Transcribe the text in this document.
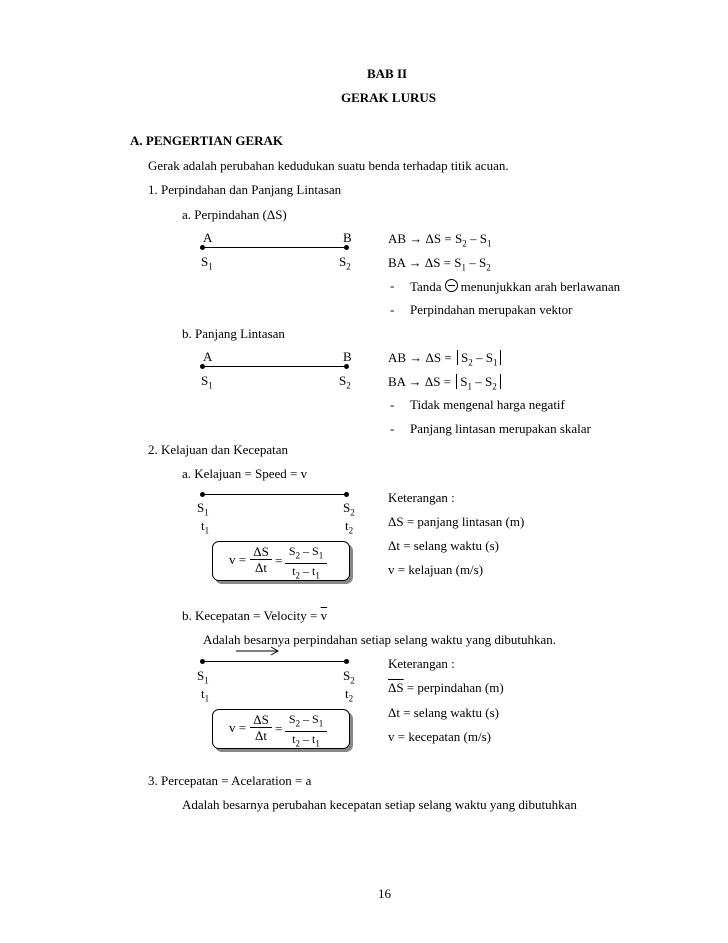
BAB II
GERAK LURUS
A. PENGERTIAN GERAK
Gerak adalah perubahan kedudukan suatu benda terhadap titik acuan.
1. Perpindahan dan Panjang Lintasan
a. Perpindahan (ΔS)
A	B
$S_1$	$S_2$
AB → $\Delta S = S_2 - S_1$
BA → $\Delta S = S_1 - S_2$
- Tanda menunjukkan arah berlawanan
- Perpindahan merupakan vektor
b. Panjang Lintasan
A	B
$S_1$	$S_2$
AB → $\Delta S = S_2 - S_1$
BA → $\Delta S = S_1 - S_2$
- Tidak mengenal harga negatif
- Panjang lintasan merupakan skalar
2. Kelajuan dan Kecepatan
a. Kelajuan = Speed = v
$S_1$	$S_2$
$t_1$	$t_2$
$v = \frac{\Delta S}{\Delta t} = \frac{S_2 - S_1}{t_2 - t_1}$
Keterangan :
ΔS = panjang lintasan (m)
Δt = selang waktu (s)
v = kelajuan (m/s)
b. Kecepatan = Velocity = $\overline{v}$
Adalah besarnya perpindahan setiap selang waktu yang dibutuhkan.
$S_1$	$S_2$
$t_1$	$t_2$
$v = \frac{\Delta S}{\Delta t} = \frac{S_2 - S_1}{t_2 - t_1}$
Keterangan :
$\overline{\Delta S}$ = perpindahan (m)
Δt = selang waktu (s)
v = kecepatan (m/s)
3. Percepatan = Acelaration = a
Adalah besarnya perubahan kecepatan setiap selang waktu yang dibutuhkan
16
